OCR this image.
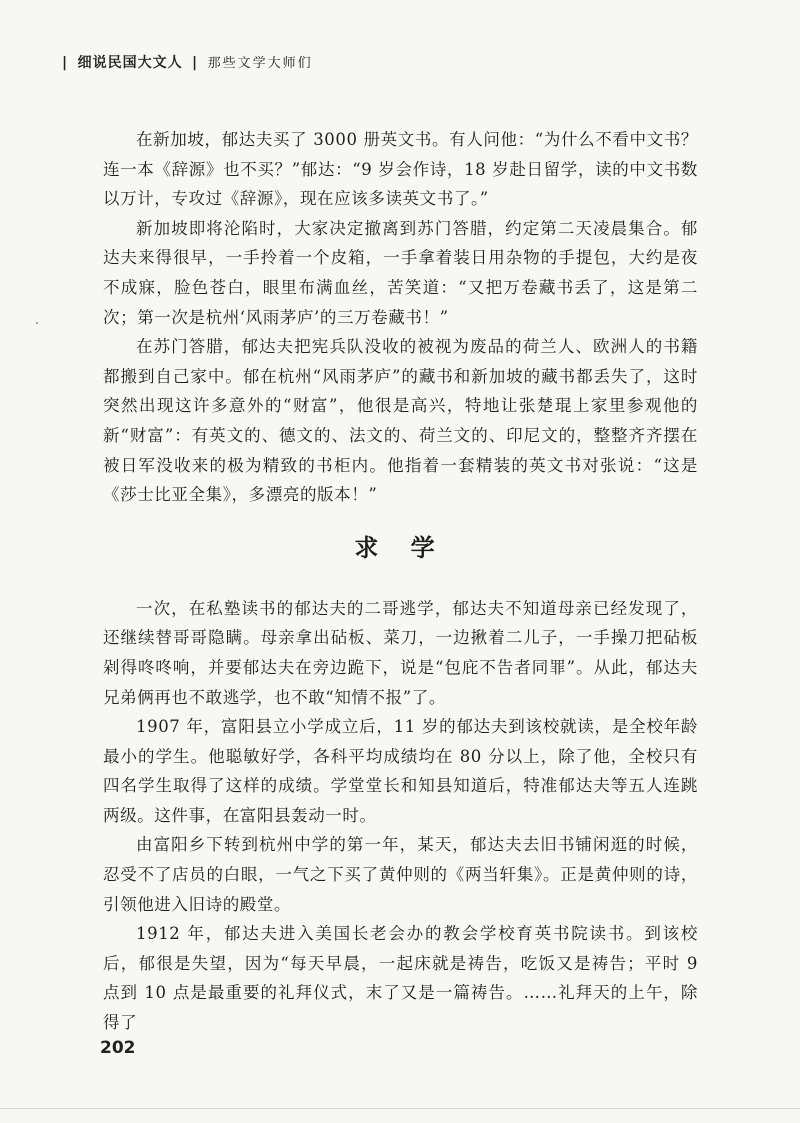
| 细说民国大文人 | 那些文学大师们

在新加坡，郁达夫买了 3000 册英文书。有人问他：“为什么不看中文书？连一本《辞源》也不买？”郁达：“9 岁会作诗，18 岁赴日留学，读的中文书数以万计，专攻过《辞源》，现在应该多读英文书了。”

新加坡即将沦陷时，大家决定撤离到苏门答腊，约定第二天凌晨集合。郁达夫来得很早，一手拎着一个皮箱，一手拿着装日用杂物的手提包，大约是夜不成寐，脸色苍白，眼里布满血丝，苦笑道：“又把万卷藏书丢了，这是第二次；第一次是杭州‘风雨茅庐’的三万卷藏书！”

在苏门答腊，郁达夫把宪兵队没收的被视为废品的荷兰人、欧洲人的书籍都搬到自己家中。郁在杭州“风雨茅庐”的藏书和新加坡的藏书都丢失了，这时突然出现这许多意外的“财富”，他很是高兴，特地让张楚琨上家里参观他的新“财富”：有英文的、德文的、法文的、荷兰文的、印尼文的，整整齐齐摆在被日军没收来的极为精致的书柜内。他指着一套精装的英文书对张说：“这是《莎士比亚全集》，多漂亮的版本！”

求 学

一次，在私塾读书的郁达夫的二哥逃学，郁达夫不知道母亲已经发现了，还继续替哥哥隐瞒。母亲拿出砧板、菜刀，一边揪着二儿子，一手操刀把砧板剁得咚咚响，并要郁达夫在旁边跪下，说是“包庇不告者同罪”。从此，郁达夫兄弟俩再也不敢逃学，也不敢“知情不报”了。

1907 年，富阳县立小学成立后，11 岁的郁达夫到该校就读，是全校年龄最小的学生。他聪敏好学，各科平均成绩均在 80 分以上，除了他，全校只有四名学生取得了这样的成绩。学堂堂长和知县知道后，特准郁达夫等五人连跳两级。这件事，在富阳县轰动一时。

由富阳乡下转到杭州中学的第一年，某天，郁达夫去旧书铺闲逛的时候，忍受不了店员的白眼，一气之下买了黄仲则的《两当轩集》。正是黄仲则的诗，引领他进入旧诗的殿堂。

1912 年，郁达夫进入美国长老会办的教会学校育英书院读书。到该校后，郁很是失望，因为“每天早晨，一起床就是祷告，吃饭又是祷告；平时 9 点到 10 点是最重要的礼拜仪式，末了又是一篇祷告。……礼拜天的上午，除得了

202
